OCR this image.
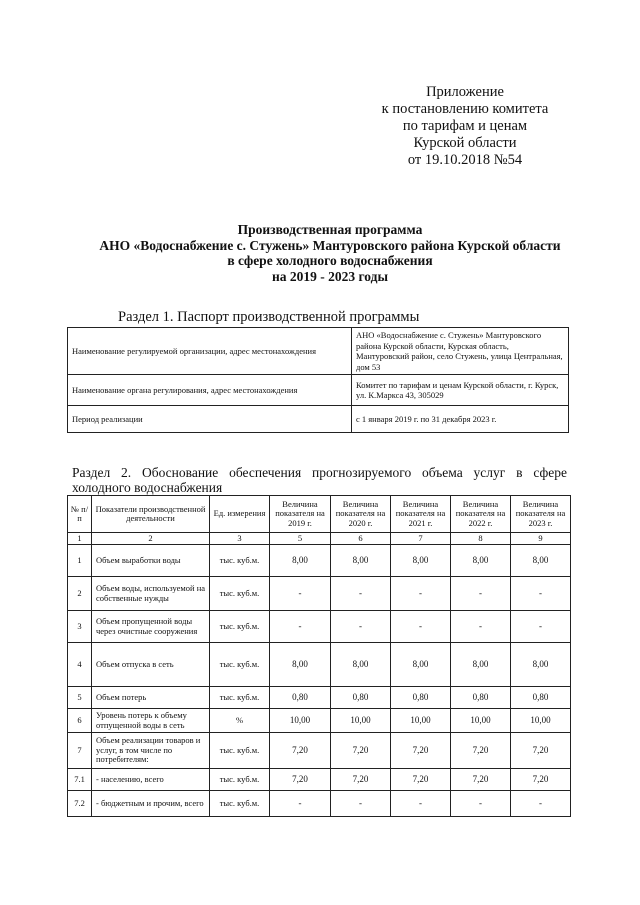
Приложение
к постановлению комитета
по тарифам и ценам
Курской области
от 19.10.2018 №54
Производственная программа
АНО «Водоснабжение с. Стужень» Мантуровского района Курской области
в сфере холодного водоснабжения
на 2019 - 2023 годы
Раздел 1. Паспорт производственной программы
Наименование регулируемой организации, адрес местонахождения	АНО «Водоснабжение с. Стужень» Мантуровского района Курской области, Курская область, Мантуровский район, село Стужень, улица Центральная, дом 53
Наименование органа регулирования, адрес местонахождения	Комитет по тарифам и ценам Курской области, г. Курск, ул. К.Маркса 43, 305029
Период реализации	с 1 января 2019 г. по 31 декабря 2023 г.
Раздел 2. Обоснование обеспечения прогнозируемого объема услуг в сфере холодного водоснабжения
№ п/п	Показатели производственной деятельности	Ед. измерения	Величина показателя на 2019 г.	Величина показателя на 2020 г.	Величина показателя на 2021 г.	Величина показателя на 2022 г.	Величина показателя на 2023 г.
1	2	3	5	6	7	8	9
1	Объем выработки воды	тыс. куб.м.	8,00	8,00	8,00	8,00	8,00
2	Объем воды, используемой на собственные нужды	тыс. куб.м.	-	-	-	-	-
3	Объем пропущенной воды через очистные сооружения	тыс. куб.м.	-	-	-	-	-
4	Объем отпуска в сеть	тыс. куб.м.	8,00	8,00	8,00	8,00	8,00
5	Объем потерь	тыс. куб.м.	0,80	0,80	0,80	0,80	0,80
6	Уровень потерь к объему отпущенной воды в сеть	%	10,00	10,00	10,00	10,00	10,00
7	Объем реализации товаров и услуг, в том числе по потребителям:	тыс. куб.м.	7,20	7,20	7,20	7,20	7,20
7.1	- населению, всего	тыс. куб.м.	7,20	7,20	7,20	7,20	7,20
7.2	- бюджетным и прочим, всего	тыс. куб.м.	-	-	-	-	-
